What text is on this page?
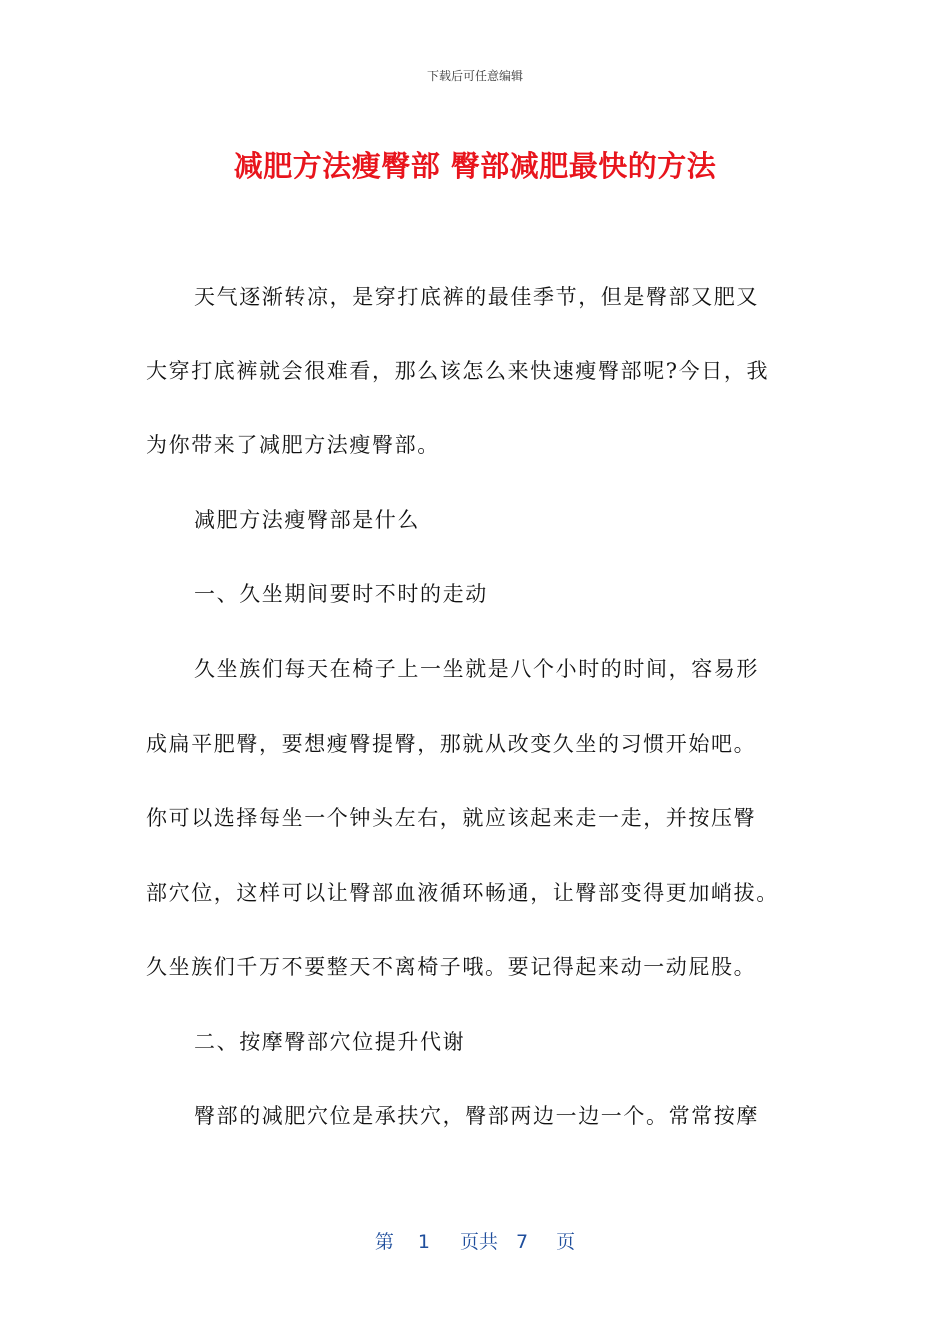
下载后可任意编辑
减肥方法瘦臀部 臀部减肥最快的方法
天气逐渐转凉，是穿打底裤的最佳季节，但是臀部又肥又
大穿打底裤就会很难看，那么该怎么来快速瘦臀部呢?今日，我
为你带来了减肥方法瘦臀部。
减肥方法瘦臀部是什么
一、久坐期间要时不时的走动
久坐族们每天在椅子上一坐就是八个小时的时间，容易形
成扁平肥臀，要想瘦臀提臀，那就从改变久坐的习惯开始吧。
你可以选择每坐一个钟头左右，就应该起来走一走，并按压臀
部穴位，这样可以让臀部血液循环畅通，让臀部变得更加峭拔。
久坐族们千万不要整天不离椅子哦。要记得起来动一动屁股。
二、按摩臀部穴位提升代谢
臀部的减肥穴位是承扶穴，臀部两边一边一个。常常按摩
第 1 页共 7 页
